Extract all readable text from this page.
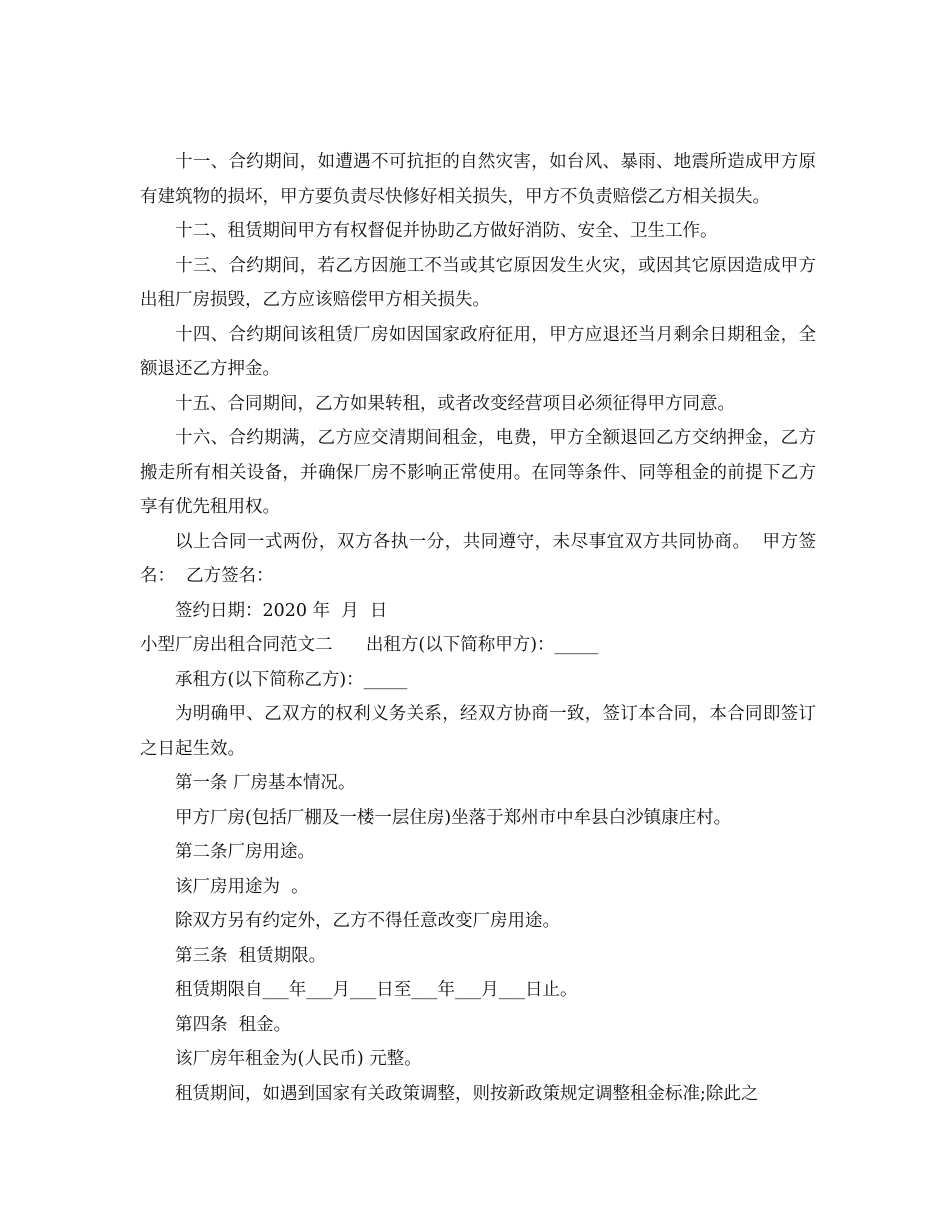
十一、合约期间，如遭遇不可抗拒的自然灾害，如台风、暴雨、地震所造成甲方原有建筑物的损坏，甲方要负责尽快修好相关损失，甲方不负责赔偿乙方相关损失。

十二、租赁期间甲方有权督促并协助乙方做好消防、安全、卫生工作。

十三、合约期间，若乙方因施工不当或其它原因发生火灾，或因其它原因造成甲方出租厂房损毁，乙方应该赔偿甲方相关损失。

十四、合约期间该租赁厂房如因国家政府征用，甲方应退还当月剩余日期租金，全额退还乙方押金。

十五、合同期间，乙方如果转租，或者改变经营项目必须征得甲方同意。

十六、合约期满，乙方应交清期间租金，电费，甲方全额退回乙方交纳押金，乙方搬走所有相关设备，并确保厂房不影响正常使用。在同等条件、同等租金的前提下乙方享有优先租用权。

以上合同一式两份，双方各执一分，共同遵守，未尽事宜双方共同协商。  甲方签名：  乙方签名：

签约日期：2020 年  月  日

小型厂房出租合同范文二      出租方(以下简称甲方)：_____

承租方(以下简称乙方)：_____

为明确甲、乙双方的权利义务关系，经双方协商一致，签订本合同，本合同即签订之日起生效。

第一条 厂房基本情况。

甲方厂房(包括厂棚及一楼一层住房)坐落于郑州市中牟县白沙镇康庄村。

第二条厂房用途。

该厂房用途为  。

除双方另有约定外，乙方不得任意改变厂房用途。

第三条  租赁期限。

租赁期限自___年___月___日至___年___月___日止。

第四条  租金。

该厂房年租金为(人民币) 元整。

租赁期间，如遇到国家有关政策调整，则按新政策规定调整租金标准;除此之
